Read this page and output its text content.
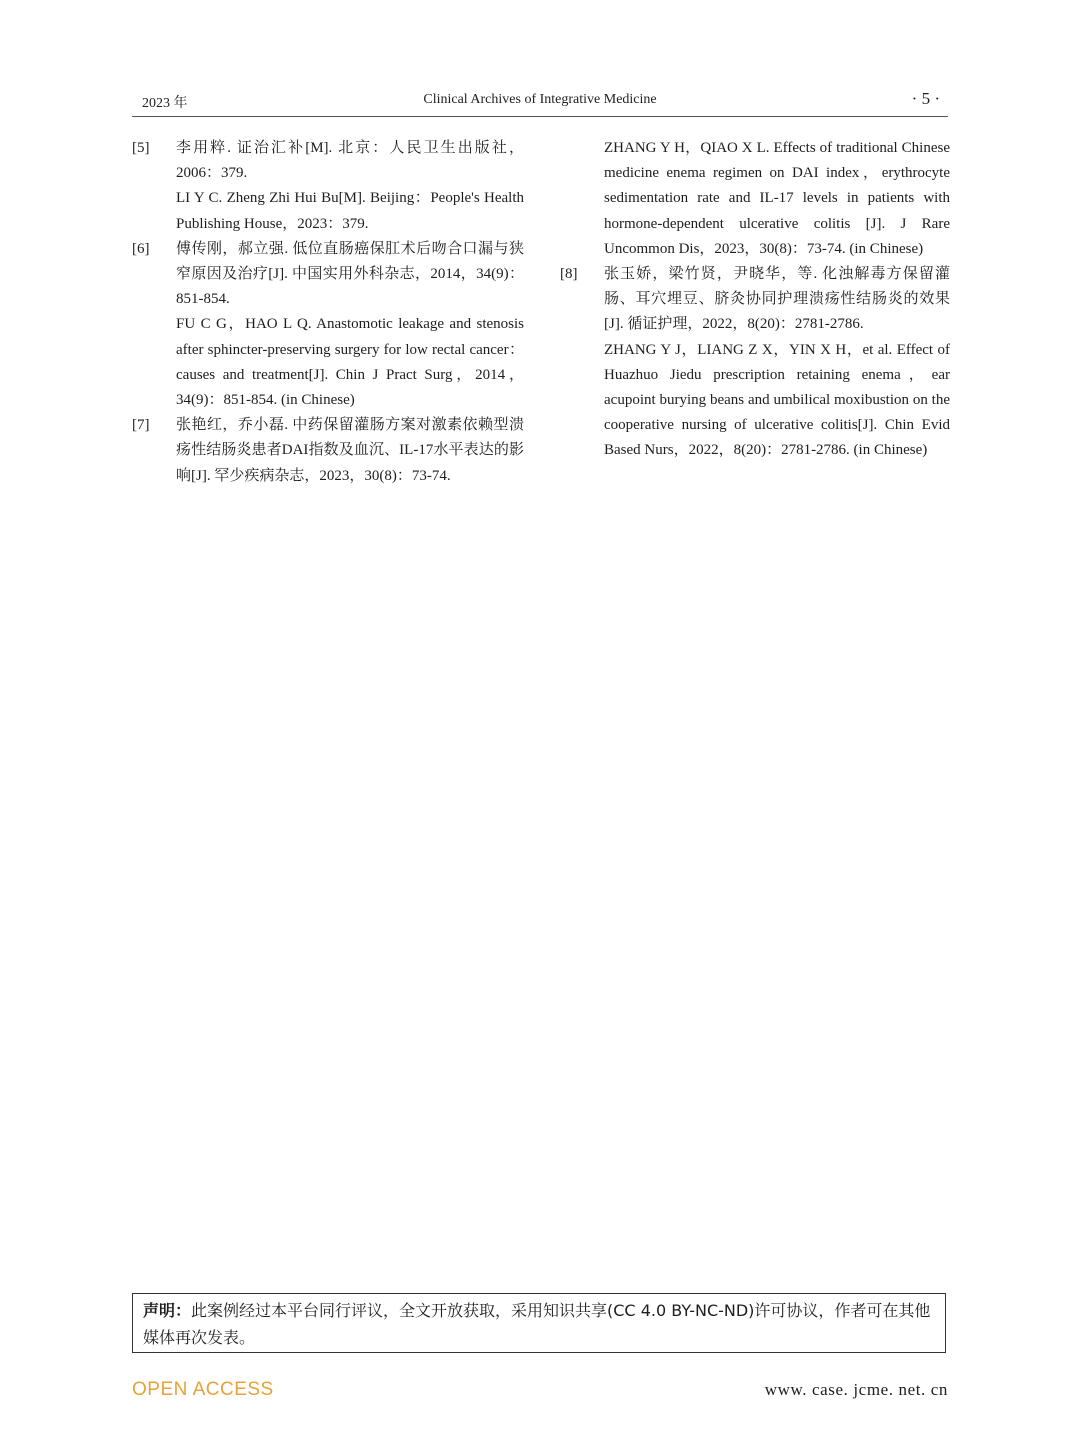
2023 年	Clinical Archives of Integrative Medicine	· 5 ·
[5] 李用粹. 证治汇补[M]. 北京：人民卫生出版社，2006：379.

LI Y C. Zheng Zhi Hui Bu[M]. Beijing：People's Health Publishing House，2023：379.

[6] 傅传刚，郝立强. 低位直肠癌保肛术后吻合口漏与狭窄原因及治疗[J]. 中国实用外科杂志，2014，34(9)：851-854.

FU C G，HAO L Q. Anastomotic leakage and stenosis after sphincter-preserving surgery for low rectal cancer：causes and treatment[J]. Chin J Pract Surg，2014，34(9)：851-854. (in Chinese)

[7] 张艳红，乔小磊. 中药保留灌肠方案对激素依赖型溃疡性结肠炎患者DAI指数及血沉、IL-17水平表达的影响[J]. 罕少疾病杂志，2023，30(8)：73-74.

ZHANG Y H，QIAO X L. Effects of traditional Chinese medicine enema regimen on DAI index，erythrocyte sedimentation rate and IL-17 levels in patients with hormone-dependent ulcerative colitis [J]. J Rare Uncommon Dis，2023，30(8)：73-74. (in Chinese)

[8] 张玉娇，梁竹贤，尹晓华，等. 化浊解毒方保留灌肠、耳穴埋豆、脐灸协同护理溃疡性结肠炎的效果[J]. 循证护理，2022，8(20)：2781-2786.

ZHANG Y J，LIANG Z X，YIN X H，et al. Effect of Huazhuo Jiedu prescription retaining enema，ear acupoint burying beans and umbilical moxibustion on the cooperative nursing of ulcerative colitis[J]. Chin Evid Based Nurs，2022，8(20)：2781-2786. (in Chinese)

声明：此案例经过本平台同行评议，全文开放获取，采用知识共享(CC 4.0 BY-NC-ND)许可协议，作者可在其他媒体再次发表。
OPEN ACCESS	www. case. jcme. net. cn
